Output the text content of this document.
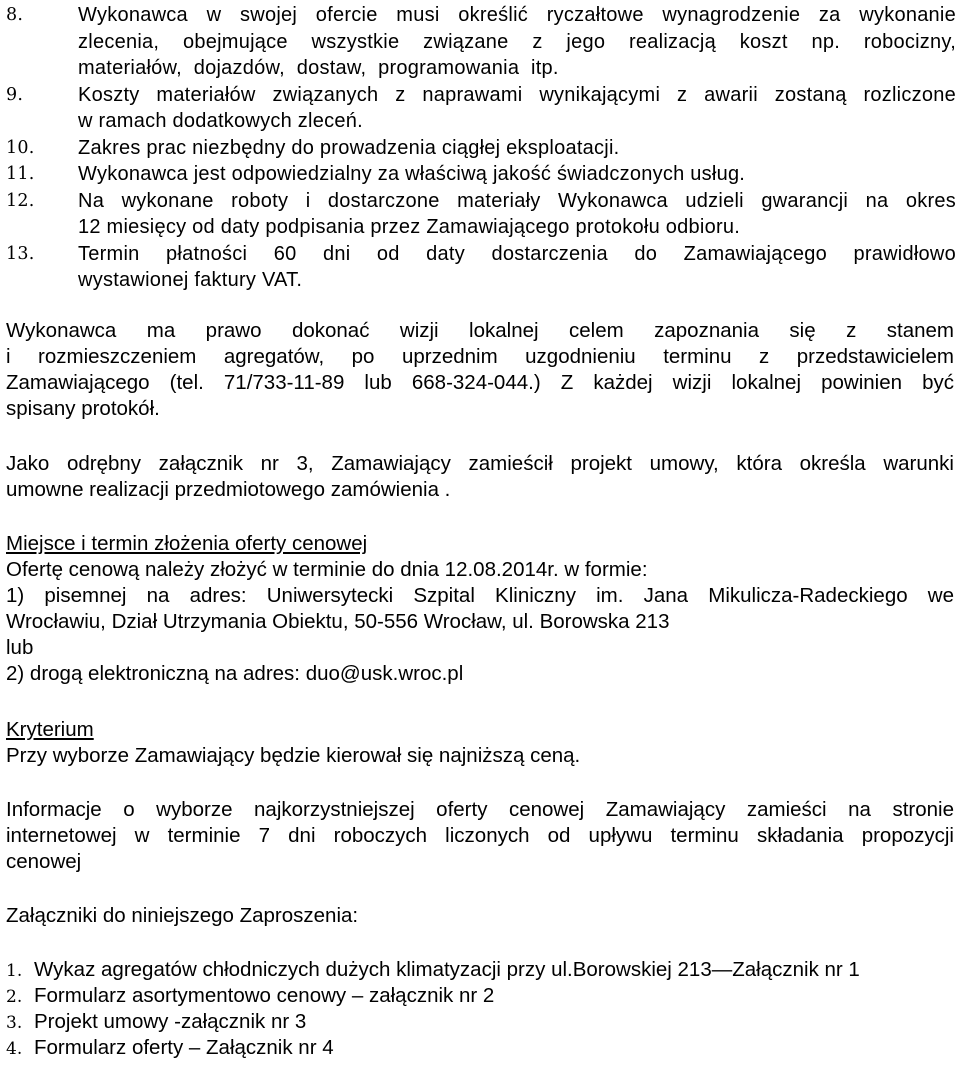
8.	Wykonawca w swojej ofercie musi określić ryczałtowe wynagrodzenie za wykonanie
zlecenia, obejmujące wszystkie związane z jego realizacją koszt np. robocizny,
materiałów, dojazdów, dostaw, programowania itp.
9.	Koszty materiałów związanych z naprawami wynikającymi z awarii zostaną rozliczone
w ramach dodatkowych zleceń.
10. Zakres prac niezbędny do prowadzenia ciągłej eksploatacji.
11. Wykonawca jest odpowiedzialny za właściwą jakość świadczonych usług.
12. Na wykonane roboty i dostarczone materiały Wykonawca udzieli gwarancji na okres
12 miesięcy od daty podpisania przez Zamawiającego protokołu odbioru.
13. Termin płatności 60 dni od daty dostarczenia do Zamawiającego prawidłowo
wystawionej faktury VAT.
Wykonawca ma prawo dokonać wizji lokalnej celem zapoznania się z stanem
i rozmieszczeniem agregatów, po uprzednim uzgodnieniu terminu z przedstawicielem
Zamawiającego (tel. 71/733-11-89 lub 668-324-044.) Z każdej wizji lokalnej powinien być
spisany protokół.
Jako odrębny załącznik nr 3, Zamawiający zamieścił projekt umowy, która określa warunki
umowne realizacji przedmiotowego zamówienia .
Miejsce i termin złożenia oferty cenowej
Ofertę cenową należy złożyć w terminie do dnia 12.08.2014r. w formie:
1) pisemnej na adres: Uniwersytecki Szpital Kliniczny im. Jana Mikulicza-Radeckiego we
Wrocławiu, Dział Utrzymania Obiektu, 50-556 Wrocław, ul. Borowska 213
lub
2) drogą elektroniczną na adres: duo@usk.wroc.pl
Kryterium
Przy wyborze Zamawiający będzie kierował się najniższą ceną.
Informacje o wyborze najkorzystniejszej oferty cenowej Zamawiający zamieści na stronie
internetowej w terminie 7 dni roboczych liczonych od upływu terminu składania propozycji
cenowej
Załączniki do niniejszego Zaproszenia:
1. Wykaz agregatów chłodniczych dużych klimatyzacji przy ul.Borowskiej 213—Załącznik nr 1
2. Formularz asortymentowo cenowy – załącznik nr 2
3. Projekt umowy -załącznik nr 3
4. Formularz oferty – Załącznik nr 4
